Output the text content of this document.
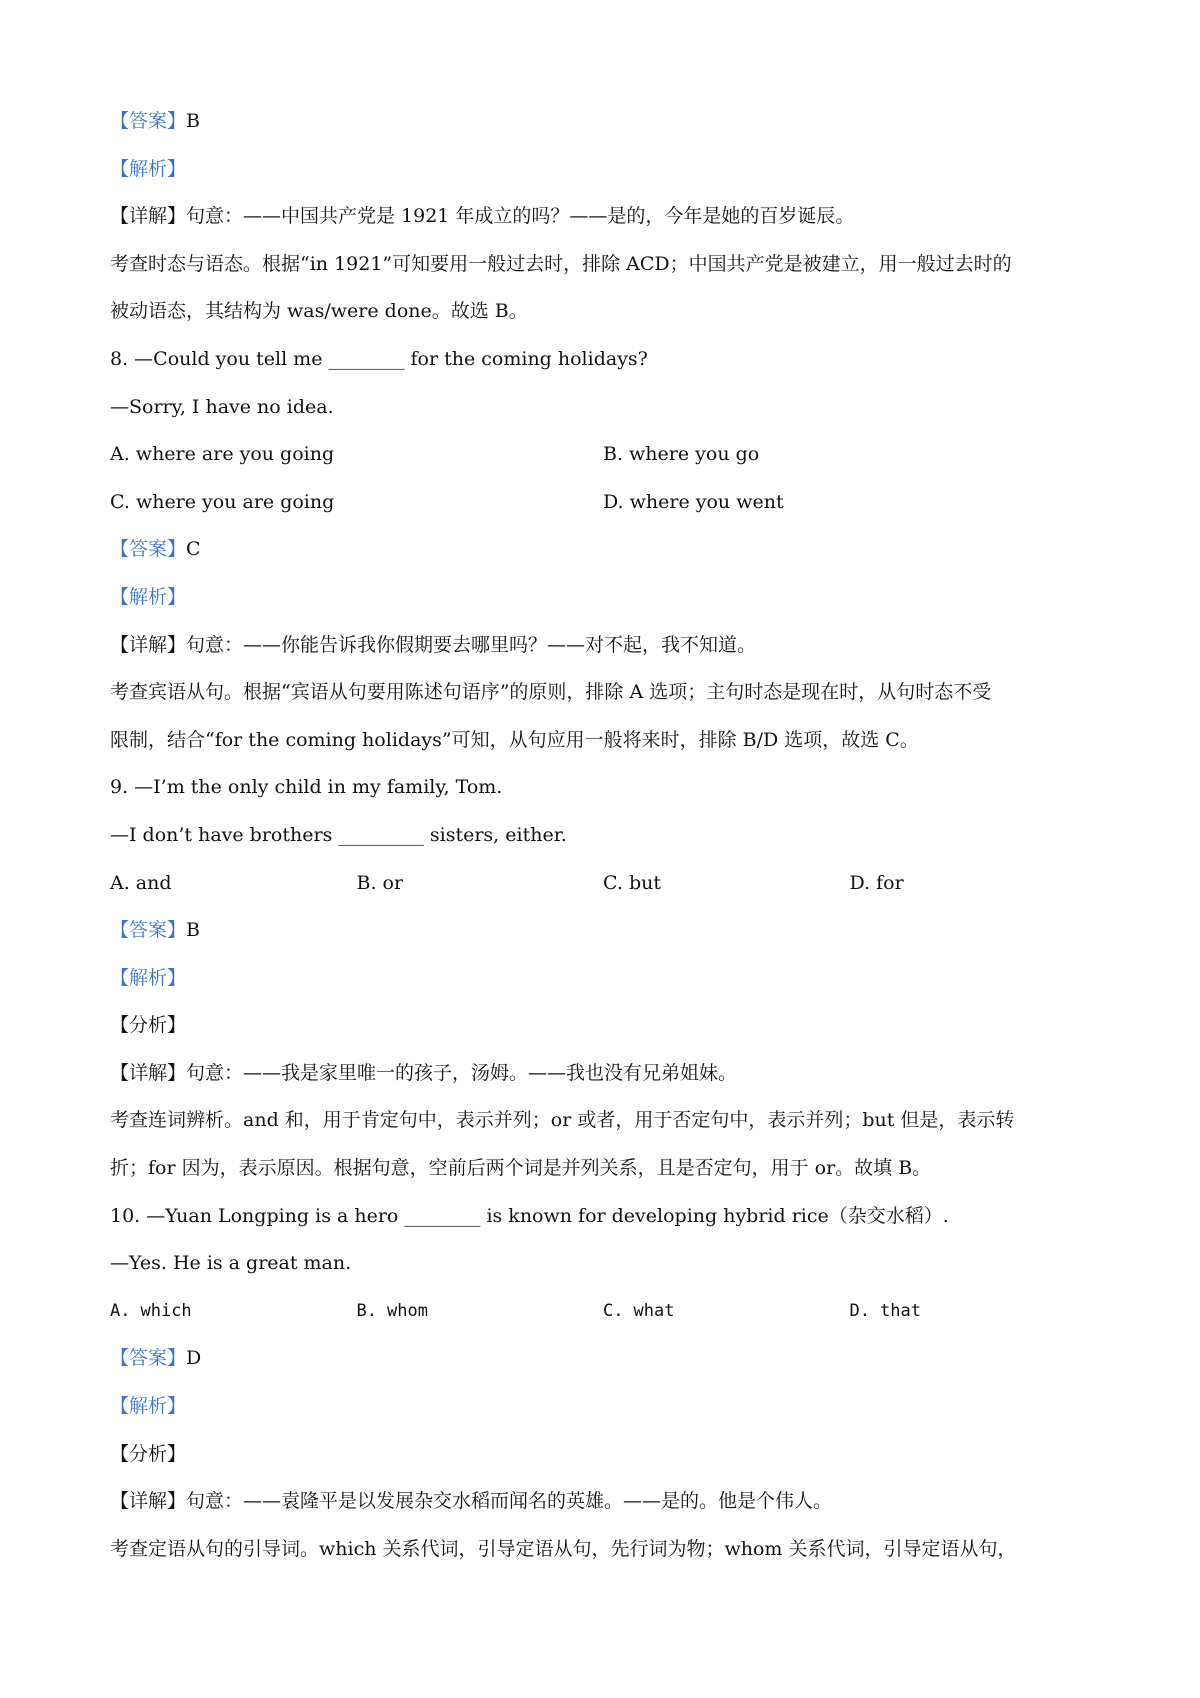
【答案】B
【解析】
【详解】句意：——中国共产党是 1921 年成立的吗？——是的，今年是她的百岁诞辰。
考查时态与语态。根据“in 1921”可知要用一般过去时，排除 ACD；中国共产党是被建立，用一般过去时的
被动语态，其结构为 was/were done。故选 B。
8. —Could you tell me ________ for the coming holidays?
—Sorry, I have no idea.
A. where are you going	B. where you go
C. where you are going	D. where you went
【答案】C
【解析】
【详解】句意：——你能告诉我你假期要去哪里吗？——对不起，我不知道。
考查宾语从句。根据“宾语从句要用陈述句语序”的原则，排除 A 选项；主句时态是现在时，从句时态不受
限制，结合“for the coming holidays”可知，从句应用一般将来时，排除 B/D 选项，故选 C。
9. —I’m the only child in my family, Tom.
—I don’t have brothers _________ sisters, either.
A. and	B. or	C. but	D. for
【答案】B
【解析】
【分析】
【详解】句意：——我是家里唯一的孩子，汤姆。——我也没有兄弟姐妹。
考查连词辨析。and 和，用于肯定句中，表示并列；or 或者，用于否定句中，表示并列；but 但是，表示转
折；for 因为，表示原因。根据句意，空前后两个词是并列关系，且是否定句，用于 or。故填 B。
10. —Yuan Longping is a hero ________ is known for developing hybrid rice（杂交水稻）.
—Yes. He is a great man.
A. which	B. whom	C. what	D. that
【答案】D
【解析】
【分析】
【详解】句意：——袁隆平是以发展杂交水稻而闻名的英雄。——是的。他是个伟人。
考查定语从句的引导词。which 关系代词，引导定语从句，先行词为物；whom 关系代词，引导定语从句，
